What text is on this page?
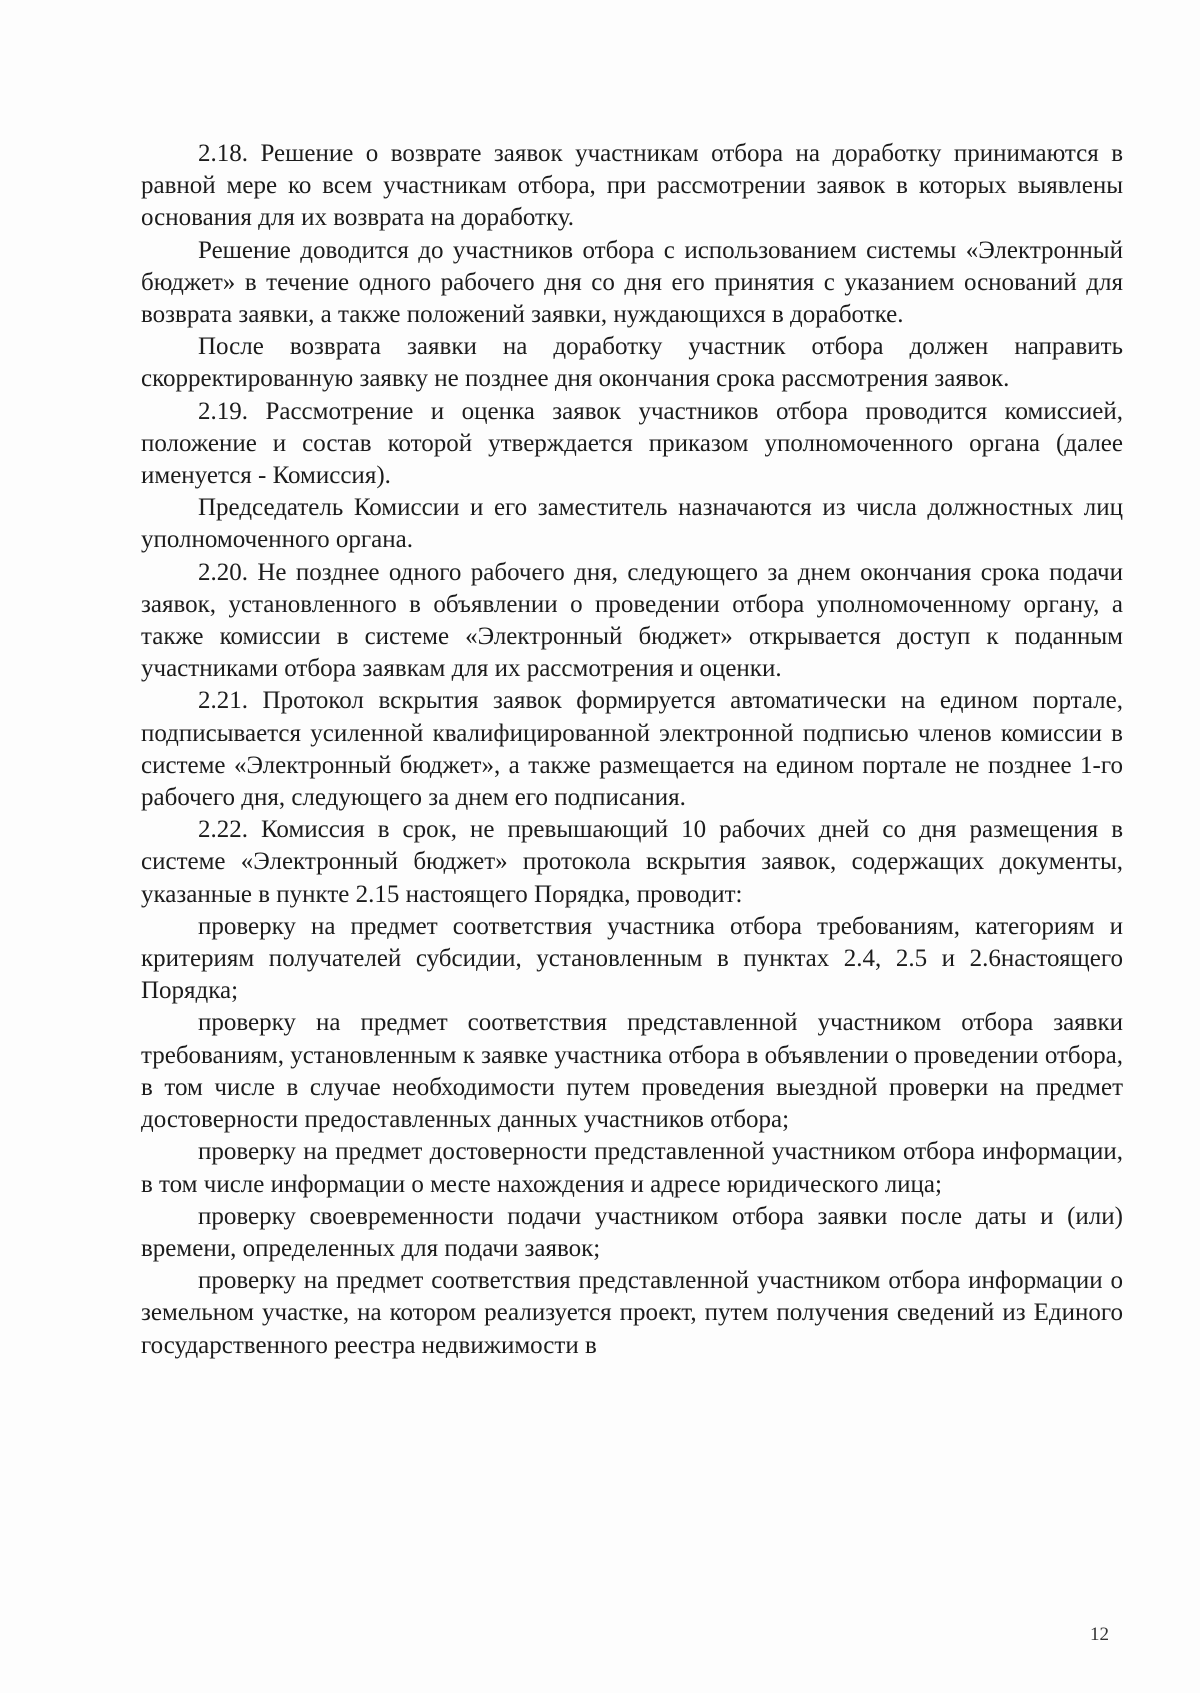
2.18. Решение о возврате заявок участникам отбора на доработку принимаются в равной мере ко всем участникам отбора, при рассмотрении заявок в которых выявлены основания для их возврата на доработку.

Решение доводится до участников отбора с использованием системы «Электронный бюджет» в течение одного рабочего дня со дня его принятия с указанием оснований для возврата заявки, а также положений заявки, нуждающихся в доработке.

После возврата заявки на доработку участник отбора должен направить скорректированную заявку не позднее дня окончания срока рассмотрения заявок.

2.19. Рассмотрение и оценка заявок участников отбора проводится комиссией, положение и состав которой утверждается приказом уполномоченного органа (далее именуется - Комиссия).

Председатель Комиссии и его заместитель назначаются из числа должностных лиц уполномоченного органа.

2.20. Не позднее одного рабочего дня, следующего за днем окончания срока подачи заявок, установленного в объявлении о проведении отбора уполномоченному органу, а также комиссии в системе «Электронный бюджет» открывается доступ к поданным участниками отбора заявкам для их рассмотрения и оценки.

2.21. Протокол вскрытия заявок формируется автоматически на едином портале, подписывается усиленной квалифицированной электронной подписью членов комиссии в системе «Электронный бюджет», а также размещается на едином портале не позднее 1-го рабочего дня, следующего за днем его подписания.

2.22. Комиссия в срок, не превышающий 10 рабочих дней со дня размещения в системе «Электронный бюджет» протокола вскрытия заявок, содержащих документы, указанные в пункте 2.15 настоящего Порядка, проводит:

проверку на предмет соответствия участника отбора требованиям, категориям и критериям получателей субсидии, установленным в пунктах 2.4, 2.5 и 2.6настоящего Порядка;

проверку на предмет соответствия представленной участником отбора заявки требованиям, установленным к заявке участника отбора в объявлении о проведении отбора, в том числе в случае необходимости путем проведения выездной проверки на предмет достоверности предоставленных данных участников отбора;

проверку на предмет достоверности представленной участником отбора информации, в том числе информации о месте нахождения и адресе юридического лица;

проверку своевременности подачи участником отбора заявки после даты и (или) времени, определенных для подачи заявок;

проверку на предмет соответствия представленной участником отбора информации о земельном участке, на котором реализуется проект, путем получения сведений из Единого государственного реестра недвижимости в

12
